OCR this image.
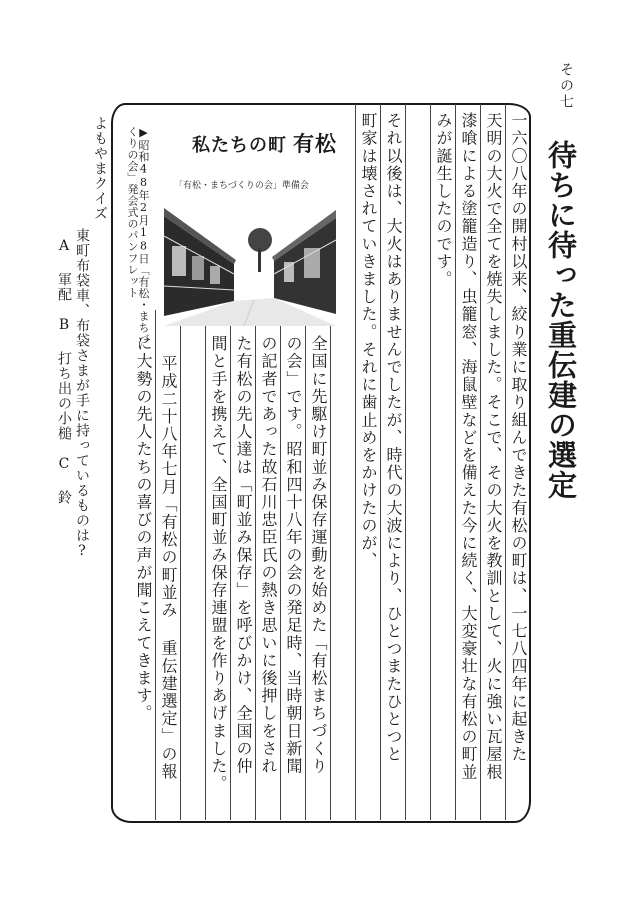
その七
待ちに待った重伝建の選定
一六〇八年の開村以来、絞り業に取り組んできた有松の町は、一七八四年に起きた
天明の大火で全てを焼失しました。そこで、その大火を教訓として、火に強い瓦屋根
漆喰による塗籠造り、虫籠窓、海鼠壁などを備えた今に続く、大変豪壮な有松の町並
みが誕生したのです。
それ以後は、大火はありませんでしたが、時代の大波により、ひとつまたひとつと
町家は壊されていきました。それに歯止めをかけたのが、
全国に先駆け町並み保存運動を始めた「有松まちづくり
の会」です。昭和四十八年の会の発足時、当時朝日新聞
の記者であった故石川忠臣氏の熱き思いに後押しをされ
た有松の先人達は「町並み保存」を呼びかけ、全国の仲
間と手を携えて、全国町並み保存連盟を作りあげました。
平成二十八年七月「有松の町並み 重伝建選定」の報
に大勢の先人たちの喜びの声が聞こえてきます。
私たちの町 有松
「有松・まちづくりの会」準備会
▶昭和48年2月18日「有松・まちづ
くりの会」発会式のパンフレット
よもやまクイズ
東町布袋車、布袋さまが手に持っているものは?
A 軍配　B 打ち出の小槌　C 鈴
